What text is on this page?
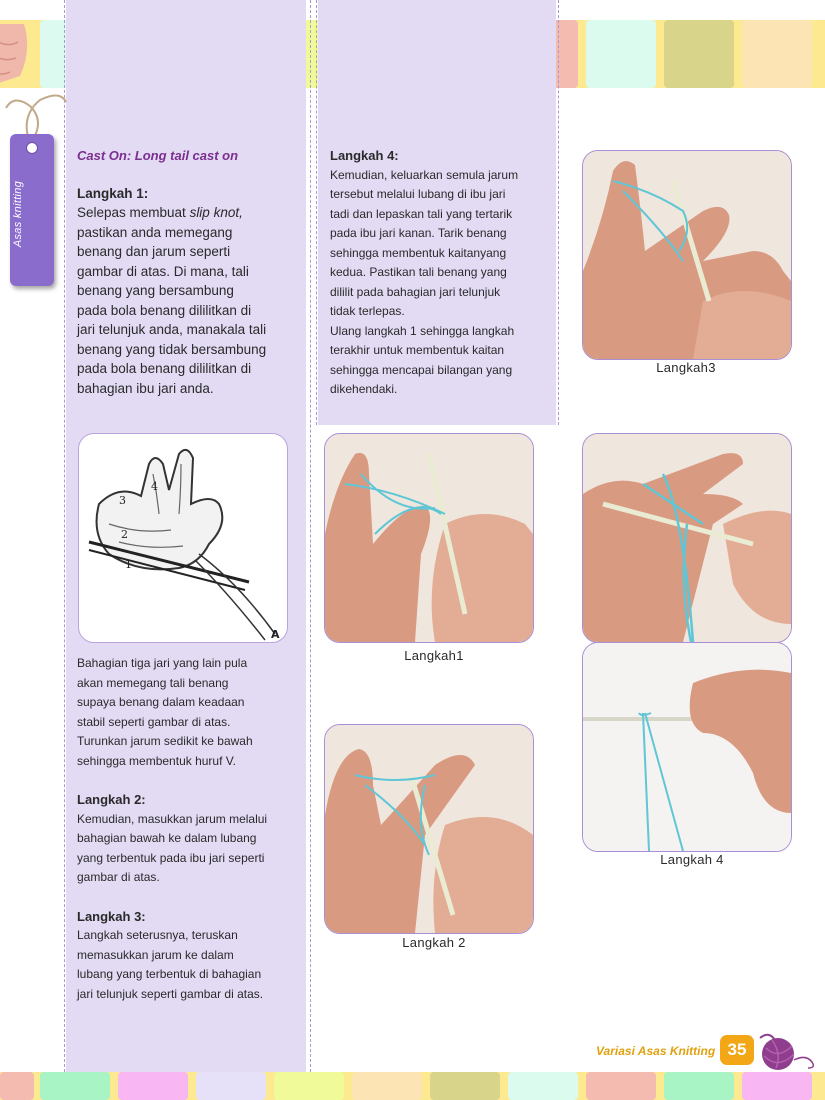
Asas knitting

Cast On: Long tail cast on

Langkah 1:

Selepas membuat slip knot,

pastikan anda memegang

benang dan jarum seperti

gambar di atas. Di mana, tali

benang yang bersambung

pada bola benang dililitkan di

jari telunjuk anda, manakala tali

benang yang tidak bersambung

pada bola benang dililitkan di

bahagian ibu jari anda.

1
2
3
4
A

Bahagian tiga jari yang lain pula

akan memegang tali benang

supaya benang dalam keadaan

stabil seperti gambar di atas.

Turunkan jarum sedikit ke bawah

sehingga membentuk huruf V.

Langkah 2:

Kemudian, masukkan jarum melalui

bahagian bawah ke dalam lubang

yang terbentuk pada ibu jari seperti

gambar di atas.

Langkah 3:

Langkah seterusnya, teruskan

memasukkan jarum ke dalam

lubang yang terbentuk di bahagian

jari telunjuk seperti gambar di atas.

Langkah 4:

Kemudian, keluarkan semula jarum

tersebut melalui lubang di ibu jari

tadi dan lepaskan tali yang tertarik

pada ibu jari kanan. Tarik benang

sehingga membentuk kaitanyang

kedua. Pastikan tali benang yang

dililit pada bahagian jari telunjuk

tidak terlepas.

Ulang langkah 1 sehingga langkah

terakhir untuk membentuk kaitan

sehingga mencapai bilangan yang

dikehendaki.

Langkah3
Langkah1
Langkah 4
Langkah 2
Variasi Asas Knitting 35
